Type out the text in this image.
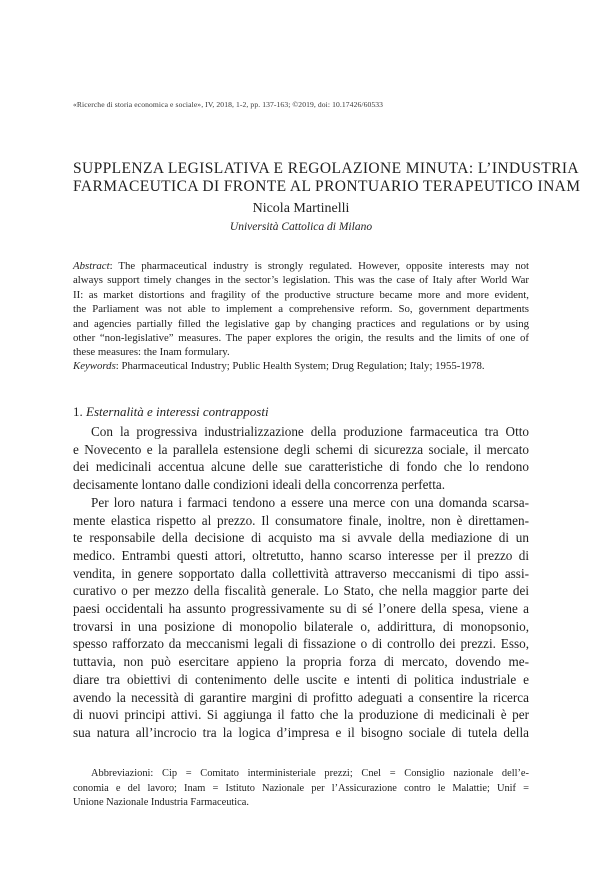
«Ricerche di storia economica e sociale», IV, 2018, 1-2, pp. 137-163; ©2019, doi: 10.17426/60533
SUPPLENZA LEGISLATIVA E REGOLAZIONE MINUTA: L’INDUSTRIA
FARMACEUTICA DI FRONTE AL PRONTUARIO TERAPEUTICO INAM
Nicola Martinelli
Università Cattolica di Milano
Abstract: The pharmaceutical industry is strongly regulated. However, opposite interests may not
always support timely changes in the sector’s legislation. This was the case of Italy after World War
II: as market distortions and fragility of the productive structure became more and more evident,
the Parliament was not able to implement a comprehensive reform. So, government departments
and agencies partially filled the legislative gap by changing practices and regulations or by using
other “non-legislative” measures. The paper explores the origin, the results and the limits of one of
these measures: the Inam formulary.
Keywords: Pharmaceutical Industry; Public Health System; Drug Regulation; Italy; 1955-1978.
1. Esternalità e interessi contrapposti
Con la progressiva industrializzazione della produzione farmaceutica tra Otto
e Novecento e la parallela estensione degli schemi di sicurezza sociale, il mercato
dei medicinali accentua alcune delle sue caratteristiche di fondo che lo rendono
decisamente lontano dalle condizioni ideali della concorrenza perfetta.
Per loro natura i farmaci tendono a essere una merce con una domanda scarsa-
mente elastica rispetto al prezzo. Il consumatore finale, inoltre, non è direttamen-
te responsabile della decisione di acquisto ma si avvale della mediazione di un
medico. Entrambi questi attori, oltretutto, hanno scarso interesse per il prezzo di
vendita, in genere sopportato dalla collettività attraverso meccanismi di tipo assi-
curativo o per mezzo della fiscalità generale. Lo Stato, che nella maggior parte dei
paesi occidentali ha assunto progressivamente su di sé l’onere della spesa, viene a
trovarsi in una posizione di monopolio bilaterale o, addirittura, di monopsonio,
spesso rafforzato da meccanismi legali di fissazione o di controllo dei prezzi. Esso,
tuttavia, non può esercitare appieno la propria forza di mercato, dovendo me-
diare tra obiettivi di contenimento delle uscite e intenti di politica industriale e
avendo la necessità di garantire margini di profitto adeguati a consentire la ricerca
di nuovi principi attivi. Si aggiunga il fatto che la produzione di medicinali è per
sua natura all’incrocio tra la logica d’impresa e il bisogno sociale di tutela della
Abbreviazioni: Cip = Comitato interministeriale prezzi; Cnel = Consiglio nazionale dell’e-
conomia e del lavoro; Inam = Istituto Nazionale per l’Assicurazione contro le Malattie; Unif =
Unione Nazionale Industria Farmaceutica.
